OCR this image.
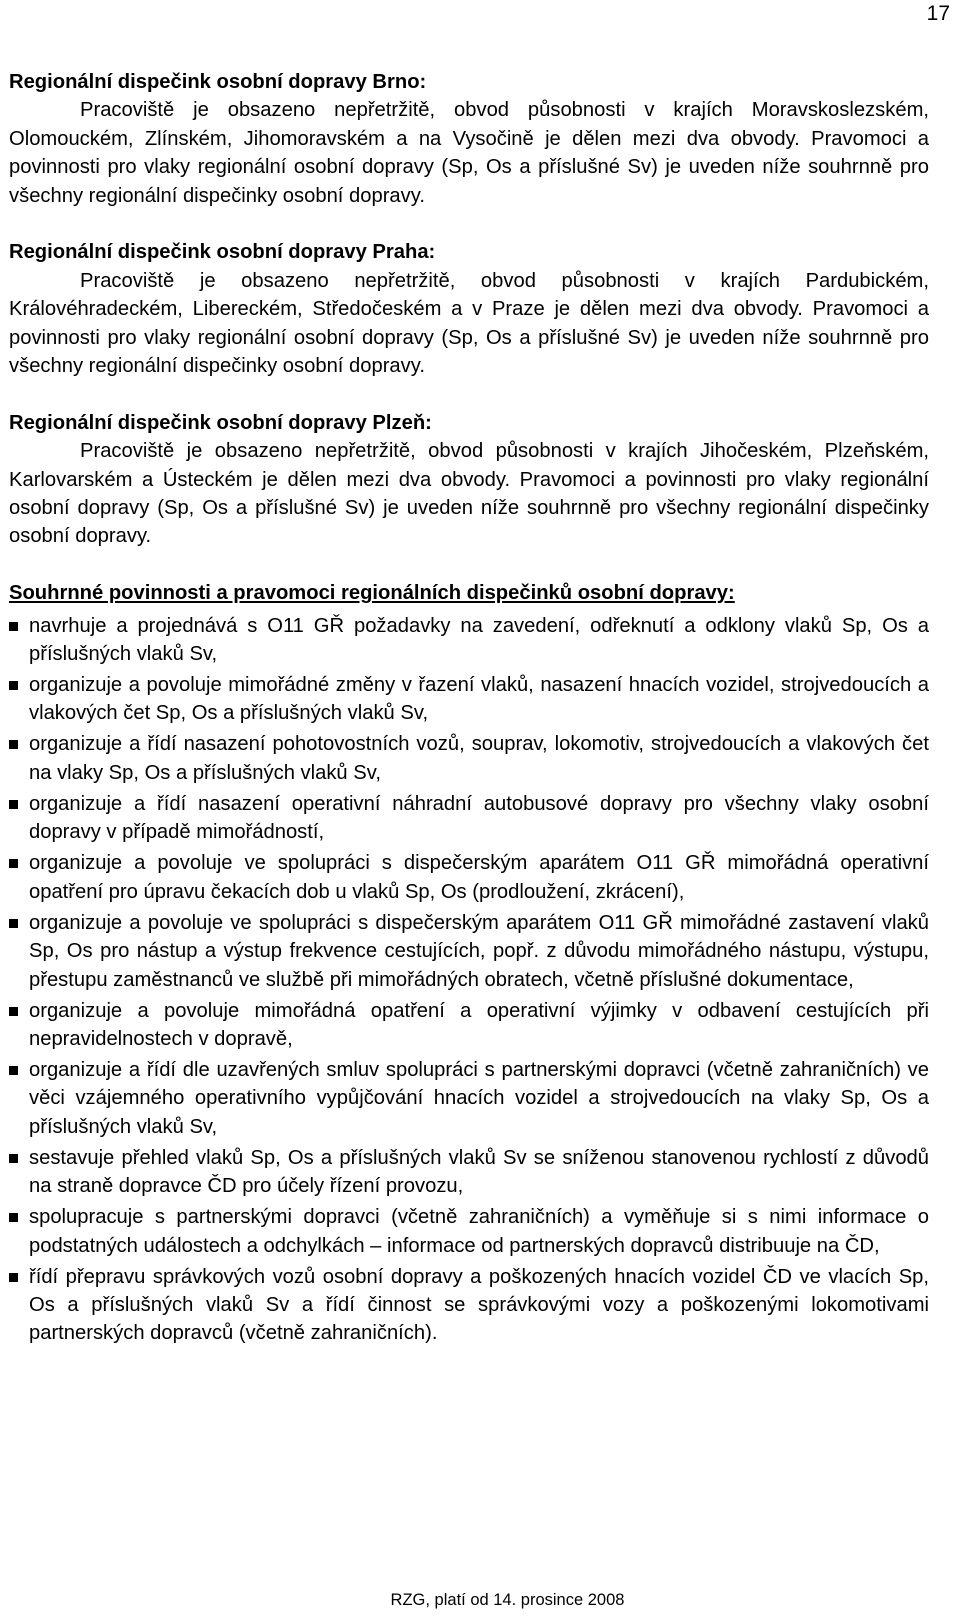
17
Regionální dispečink osobní dopravy Brno:

Pracoviště je obsazeno nepřetržitě, obvod působnosti v krajích Moravskoslezském, Olomouckém, Zlínském, Jihomoravském a na Vysočině je dělen mezi dva obvody. Pravomoci a povinnosti pro vlaky regionální osobní dopravy (Sp, Os a příslušné Sv) je uveden níže souhrnně pro všechny regionální dispečinky osobní dopravy.

Regionální dispečink osobní dopravy Praha:

Pracoviště je obsazeno nepřetržitě, obvod působnosti v krajích Pardubickém, Královéhradeckém, Libereckém, Středočeském a v Praze je dělen mezi dva obvody. Pravomoci a povinnosti pro vlaky regionální osobní dopravy (Sp, Os a příslušné Sv) je uveden níže souhrnně pro všechny regionální dispečinky osobní dopravy.

Regionální dispečink osobní dopravy Plzeň:

Pracoviště je obsazeno nepřetržitě, obvod působnosti v krajích Jihočeském, Plzeňském, Karlovarském a Ústeckém je dělen mezi dva obvody. Pravomoci a povinnosti pro vlaky regionální osobní dopravy (Sp, Os a příslušné Sv) je uveden níže souhrnně pro všechny regionální dispečinky osobní dopravy.

Souhrnné povinnosti a pravomoci regionálních dispečinků osobní dopravy:
navrhuje a projednává s O11 GŘ požadavky na zavedení, odřeknutí a odklony vlaků Sp, Os a příslušných vlaků Sv,
organizuje a povoluje mimořádné změny v řazení vlaků, nasazení hnacích vozidel, strojvedoucích a vlakových čet Sp, Os a příslušných vlaků Sv,
organizuje a řídí nasazení pohotovostních vozů, souprav, lokomotiv, strojvedoucích a vlakových čet na vlaky Sp, Os a příslušných vlaků Sv,
organizuje a řídí nasazení operativní náhradní autobusové dopravy pro všechny vlaky osobní dopravy v případě mimořádností,
organizuje a povoluje ve spolupráci s dispečerským aparátem O11 GŘ mimořádná operativní opatření pro úpravu čekacích dob u vlaků Sp, Os (prodloužení, zkrácení),
organizuje a povoluje ve spolupráci s dispečerským aparátem O11 GŘ mimořádné zastavení vlaků Sp, Os pro nástup a výstup frekvence cestujících, popř. z důvodu mimořádného nástupu, výstupu, přestupu zaměstnanců ve službě při mimořádných obratech, včetně příslušné dokumentace,
organizuje a povoluje mimořádná opatření a operativní výjimky v odbavení cestujících při nepravidelnostech v dopravě,
organizuje a řídí dle uzavřených smluv spolupráci s partnerskými dopravci (včetně zahraničních) ve věci vzájemného operativního vypůjčování hnacích vozidel a strojvedoucích na vlaky Sp, Os a příslušných vlaků Sv,
sestavuje přehled vlaků Sp, Os a příslušných vlaků Sv se sníženou stanovenou rychlostí z důvodů na straně dopravce ČD pro účely řízení provozu,
spolupracuje s partnerskými dopravci (včetně zahraničních) a vyměňuje si s nimi informace o podstatných událostech a odchylkách – informace od partnerských dopravců distribuuje na ČD,
řídí přepravu správkových vozů osobní dopravy a poškozených hnacích vozidel ČD ve vlacích Sp, Os a příslušných vlaků Sv a řídí činnost se správkovými vozy a poškozenými lokomotivami partnerských dopravců (včetně zahraničních).
RZG, platí od 14. prosince 2008
